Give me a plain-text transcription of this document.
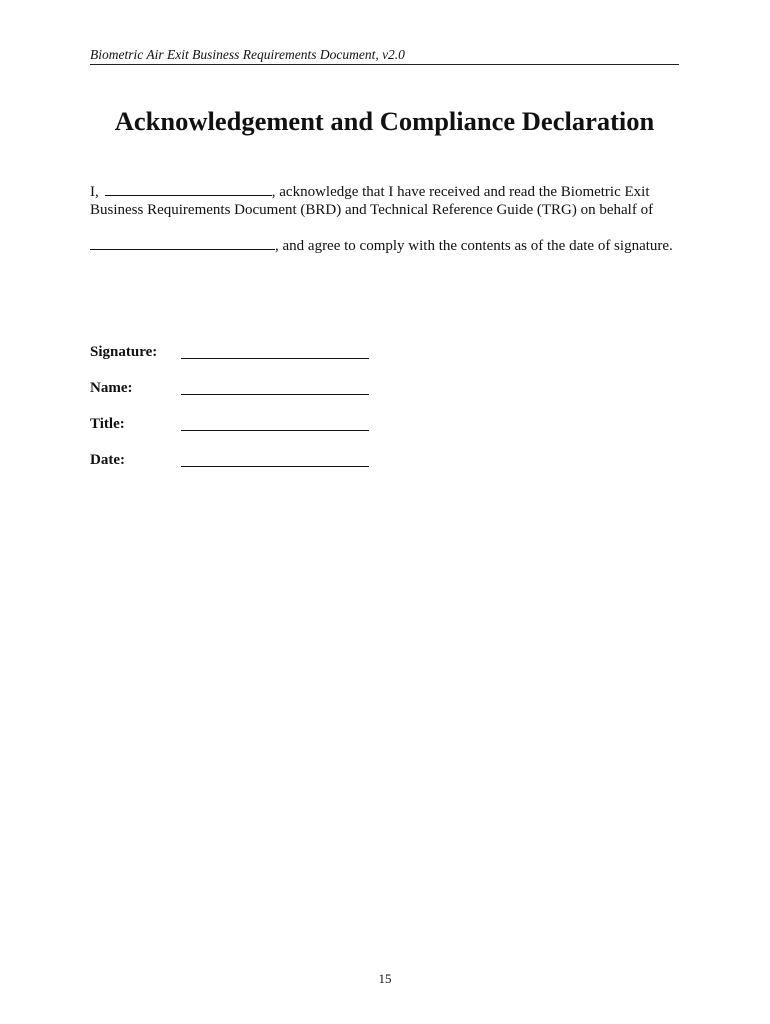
Biometric Air Exit Business Requirements Document, v2.0
Acknowledgement and Compliance Declaration
I,	, acknowledge that I have received and read the Biometric Exit
Business Requirements Document (BRD) and Technical Reference Guide (TRG) on behalf of
, and agree to comply with the contents as of the date of signature.
Signature:
Name:
Title:
Date:
15
